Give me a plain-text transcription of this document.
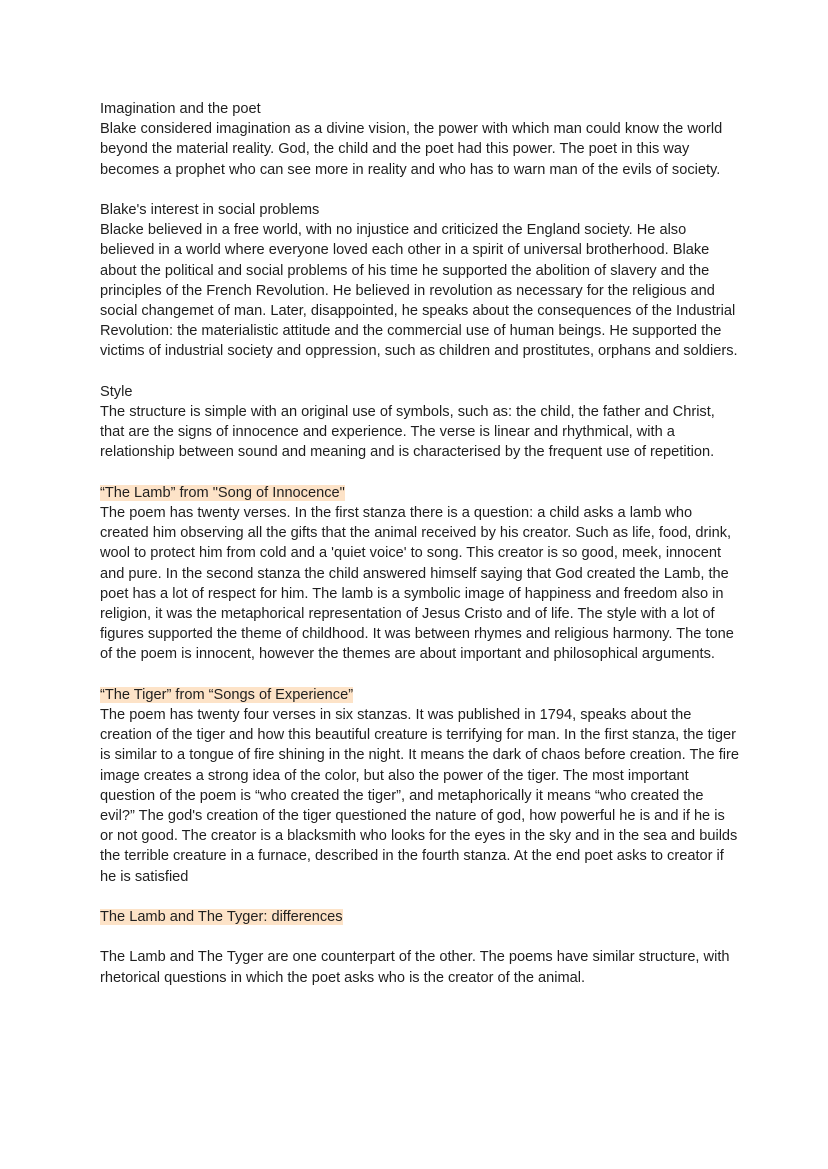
Imagination and the poet

Blake considered imagination as a divine vision, the power with which man could know the world beyond the material reality. God, the child and the poet had this power. The poet in this way becomes a prophet who can see more in reality and who has to warn man of the evils of society.

Blake's interest in social problems

Blacke believed in a free world, with no injustice and criticized the England society. He also believed in a world where everyone loved each other in a spirit of universal brotherhood. Blake about the political and social problems of his time he supported the abolition of slavery and the principles of the French Revolution. He believed in revolution as necessary for the religious and social changemet of man. Later, disappointed, he speaks about the consequences of the Industrial Revolution: the materialistic attitude and the commercial use of human beings. He supported the victims of industrial society and oppression, such as children and prostitutes, orphans and soldiers.

Style

The structure is simple with an original use of symbols, such as: the child, the father and Christ, that are the signs of innocence and experience. The verse is linear and rhythmical, with a relationship between sound and meaning and is characterised by the frequent use of repetition.

“The Lamb” from "Song of Innocence"

The poem has twenty verses. In the first stanza there is a question: a child asks a lamb who created him observing all the gifts that the animal received by his creator. Such as life, food, drink, wool to protect him from cold and a 'quiet voice' to song. This creator is so good, meek, innocent and pure. In the second stanza the child answered himself saying that God created the Lamb, the poet has a lot of respect for him. The lamb is a symbolic image of happiness and freedom also in religion, it was the metaphorical representation of Jesus Cristo and of life. The style with a lot of figures supported the theme of childhood. It was between rhymes and religious harmony. The tone of the poem is innocent, however the themes are about important and philosophical arguments.

“The Tiger” from “Songs of Experience”

The poem has twenty four verses in six stanzas. It was published in 1794, speaks about the creation of the tiger and how this beautiful creature is terrifying for man. In the first stanza, the tiger is similar to a tongue of fire shining in the night. It means the dark of chaos before creation. The fire image creates a strong idea of the color, but also the power of the tiger. The most important question of the poem is “who created the tiger”, and metaphorically it means “who created the evil?” The god's creation of the tiger questioned the nature of god, how powerful he is and if he is or not good. The creator is a blacksmith who looks for the eyes in the sky and in the sea and builds the terrible creature in a furnace, described in the fourth stanza. At the end poet asks to creator if he is satisfied

The Lamb and The Tyger: differences

The Lamb and The Tyger are one counterpart of the other. The poems have similar structure, with rhetorical questions in which the poet asks who is the creator of the animal.
